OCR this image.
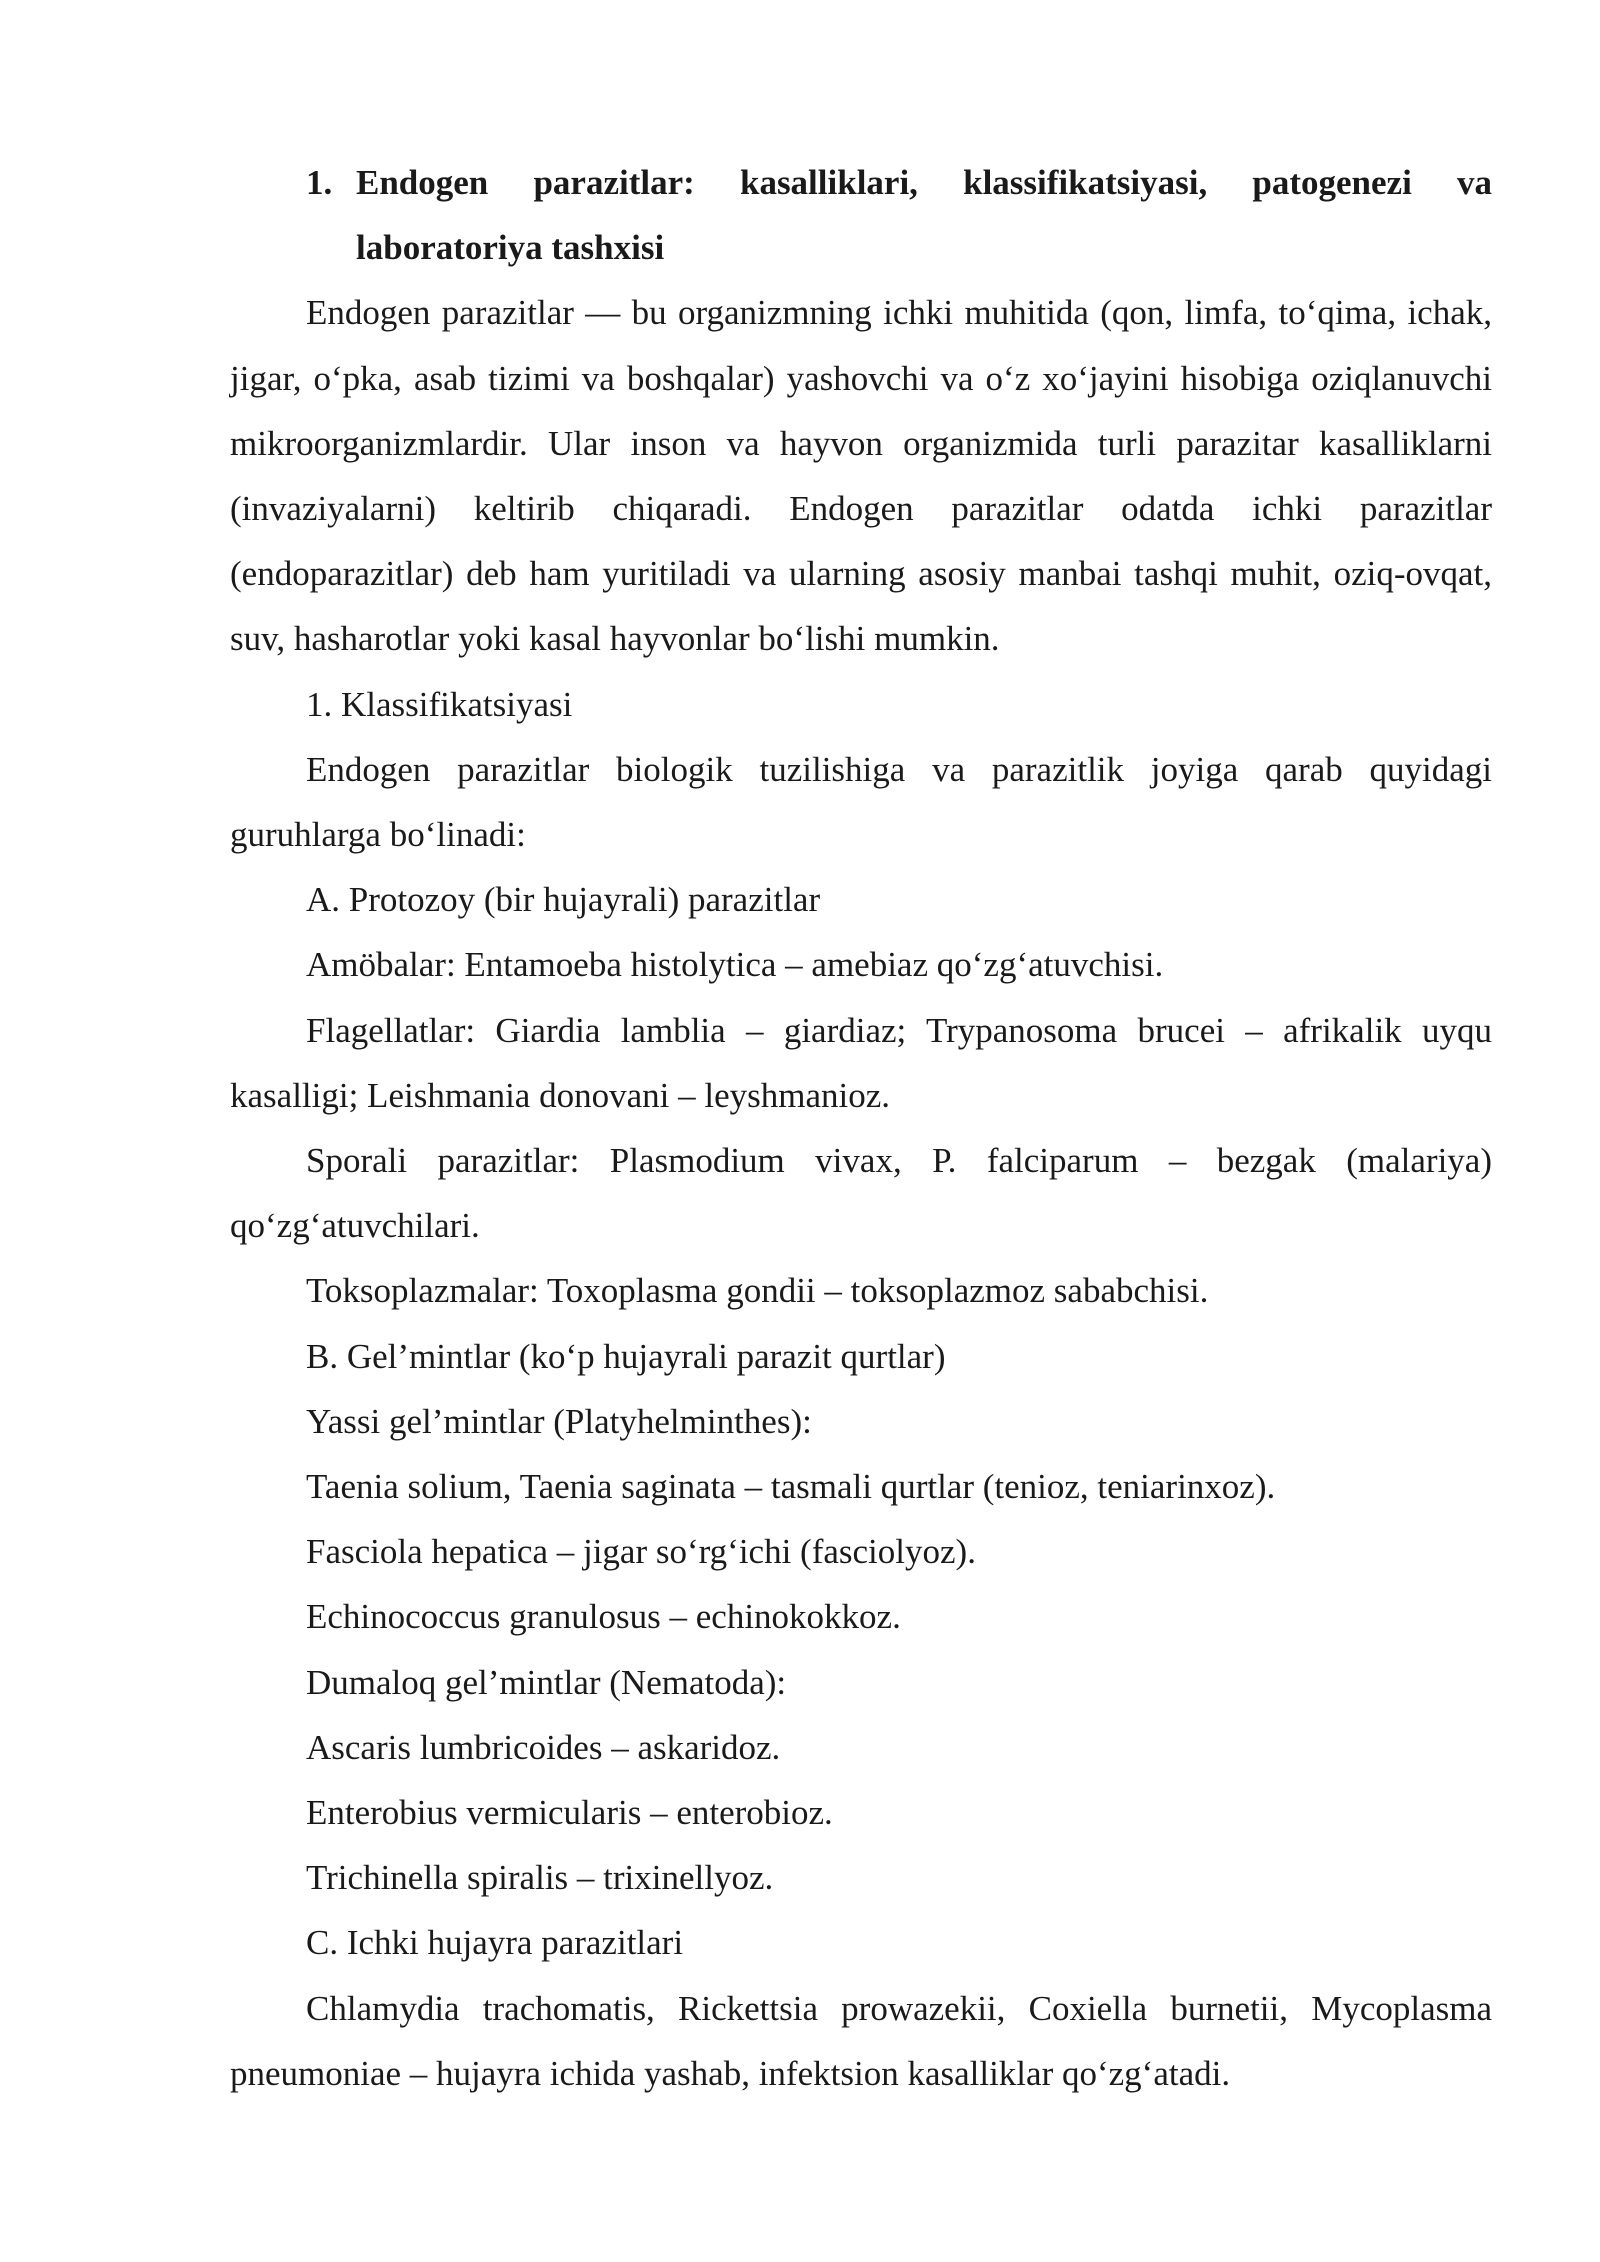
1. Endogen parazitlar: kasalliklari, klassifikatsiyasi, patogenezi va laboratoriya tashxisi

Endogen parazitlar — bu organizmning ichki muhitida (qon, limfa, to‘qima, ichak, jigar, o‘pka, asab tizimi va boshqalar) yashovchi va o‘z xo‘jayini hisobiga oziqlanuvchi mikroorganizmlardir. Ular inson va hayvon organizmida turli parazitar kasalliklarni (invaziyalarni) keltirib chiqaradi. Endogen parazitlar odatda ichki parazitlar (endoparazitlar) deb ham yuritiladi va ularning asosiy manbai tashqi muhit, oziq-ovqat, suv, hasharotlar yoki kasal hayvonlar bo‘lishi mumkin.

1. Klassifikatsiyasi

Endogen parazitlar biologik tuzilishiga va parazitlik joyiga qarab quyidagi guruhlarga bo‘linadi:

A. Protozoy (bir hujayrali) parazitlar

Amöbalar: Entamoeba histolytica – amebiaz qo‘zg‘atuvchisi.

Flagellatlar: Giardia lamblia – giardiaz; Trypanosoma brucei – afrikalik uyqu kasalligi; Leishmania donovani – leyshmanioz.

Sporali parazitlar: Plasmodium vivax, P. falciparum – bezgak (malariya) qo‘zg‘atuvchilari.

Toksoplazmalar: Toxoplasma gondii – toksoplazmoz sababchisi.

B. Gel’mintlar (ko‘p hujayrali parazit qurtlar)

Yassi gel’mintlar (Platyhelminthes):

Taenia solium, Taenia saginata – tasmali qurtlar (tenioz, teniarinxoz).

Fasciola hepatica – jigar so‘rg‘ichi (fasciolyoz).

Echinococcus granulosus – echinokokkoz.

Dumaloq gel’mintlar (Nematoda):

Ascaris lumbricoides – askaridoz.

Enterobius vermicularis – enterobioz.

Trichinella spiralis – trixinellyoz.

C. Ichki hujayra parazitlari

Chlamydia trachomatis, Rickettsia prowazekii, Coxiella burnetii, Mycoplasma pneumoniae – hujayra ichida yashab, infektsion kasalliklar qo‘zg‘atadi.
